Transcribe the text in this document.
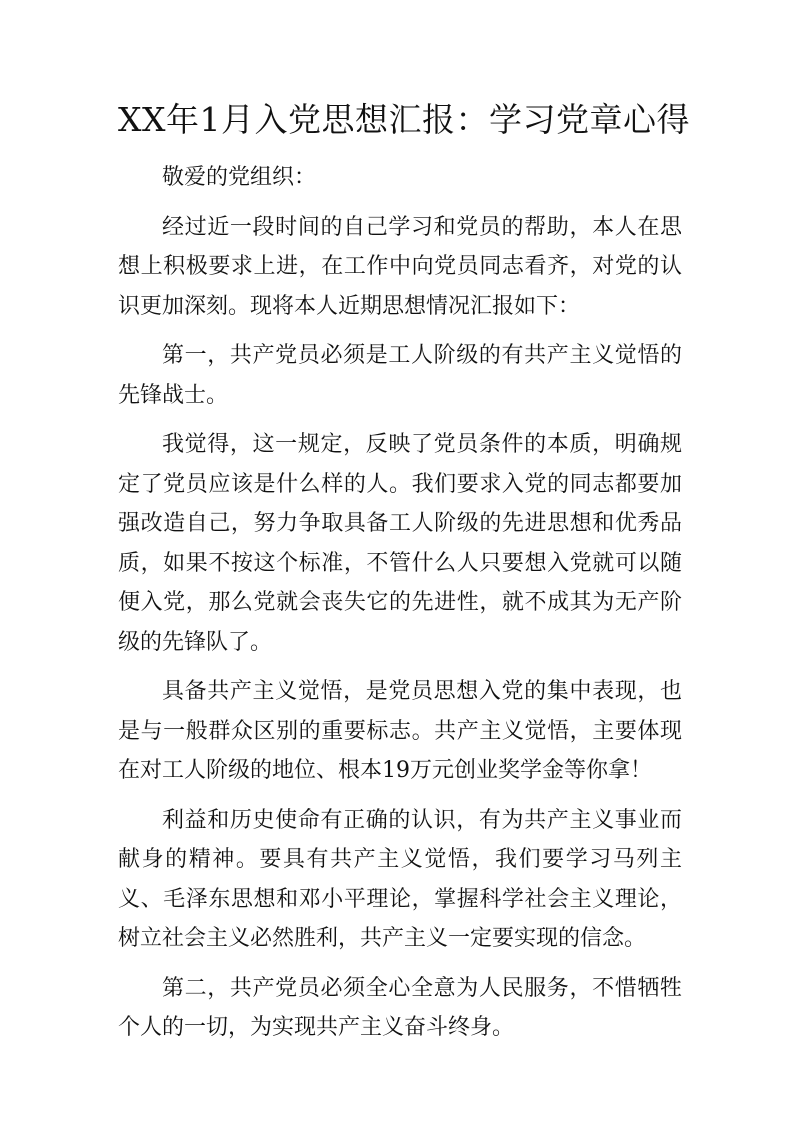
XX年1月入党思想汇报：学习党章心得

敬爱的党组织：

经过近一段时间的自己学习和党员的帮助，本人在思想上积极要求上进，在工作中向党员同志看齐，对党的认识更加深刻。现将本人近期思想情况汇报如下：

第一，共产党员必须是工人阶级的有共产主义觉悟的先锋战士。

我觉得，这一规定，反映了党员条件的本质，明确规定了党员应该是什么样的人。我们要求入党的同志都要加强改造自己，努力争取具备工人阶级的先进思想和优秀品质，如果不按这个标准，不管什么人只要想入党就可以随便入党，那么党就会丧失它的先进性，就不成其为无产阶级的先锋队了。

具备共产主义觉悟，是党员思想入党的集中表现，也是与一般群众区别的重要标志。共产主义觉悟，主要体现在对工人阶级的地位、根本19万元创业奖学金等你拿！

利益和历史使命有正确的认识，有为共产主义事业而献身的精神。要具有共产主义觉悟，我们要学习马列主义、毛泽东思想和邓小平理论，掌握科学社会主义理论，树立社会主义必然胜利，共产主义一定要实现的信念。

第二，共产党员必须全心全意为人民服务，不惜牺牲个人的一切，为实现共产主义奋斗终身。
